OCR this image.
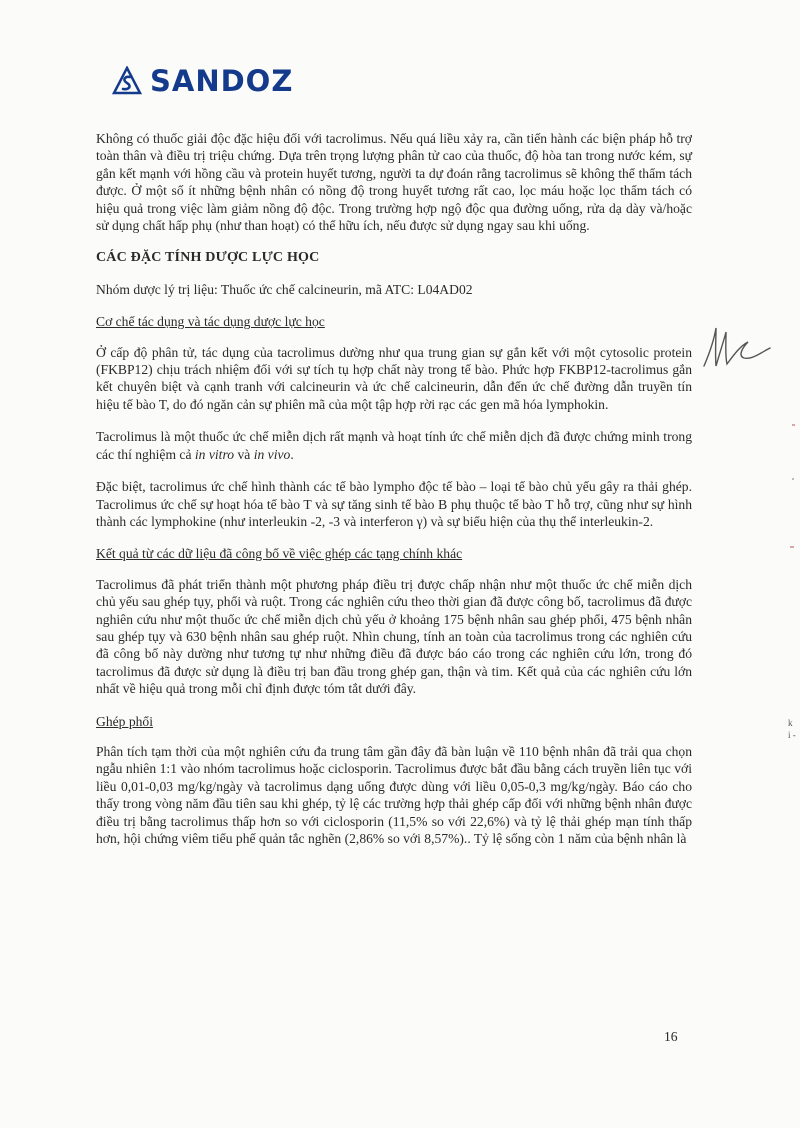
SANDOZ

Không có thuốc giải độc đặc hiệu đối với tacrolimus. Nếu quá liều xảy ra, cần tiến hành các biện pháp hỗ trợ toàn thân và điều trị triệu chứng. Dựa trên trọng lượng phân tử cao của thuốc, độ hòa tan trong nước kém, sự gắn kết mạnh với hồng cầu và protein huyết tương, người ta dự đoán rằng tacrolimus sẽ không thể thẩm tách được. Ở một số ít những bệnh nhân có nồng độ trong huyết tương rất cao, lọc máu hoặc lọc thẩm tách có hiệu quả trong việc làm giảm nồng độ độc. Trong trường hợp ngộ độc qua đường uống, rửa dạ dày và/hoặc sử dụng chất hấp phụ (như than hoạt) có thể hữu ích, nếu được sử dụng ngay sau khi uống.

CÁC ĐẶC TÍNH DƯỢC LỰC HỌC

Nhóm dược lý trị liệu: Thuốc ức chế calcineurin, mã ATC: L04AD02

Cơ chế tác dụng và tác dụng dược lực học

Ở cấp độ phân tử, tác dụng của tacrolimus dường như qua trung gian sự gắn kết với một cytosolic protein (FKBP12) chịu trách nhiệm đối với sự tích tụ hợp chất này trong tế bào. Phức hợp FKBP12-tacrolimus gắn kết chuyên biệt và cạnh tranh với calcineurin và ức chế calcineurin, dẫn đến ức chế đường dẫn truyền tín hiệu tế bào T, do đó ngăn cản sự phiên mã của một tập hợp rời rạc các gen mã hóa lymphokin.

Tacrolimus là một thuốc ức chế miễn dịch rất mạnh và hoạt tính ức chế miễn dịch đã được chứng minh trong các thí nghiệm cả in vitro và in vivo.

Đặc biệt, tacrolimus ức chế hình thành các tế bào lympho độc tế bào – loại tế bào chủ yếu gây ra thải ghép. Tacrolimus ức chế sự hoạt hóa tế bào T và sự tăng sinh tế bào B phụ thuộc tế bào T hỗ trợ, cũng như sự hình thành các lymphokine (như interleukin -2, -3 và interferon γ) và sự biểu hiện của thụ thể interleukin-2.

Kết quả từ các dữ liệu đã công bố về việc ghép các tạng chính khác

Tacrolimus đã phát triển thành một phương pháp điều trị được chấp nhận như một thuốc ức chế miễn dịch chủ yếu sau ghép tụy, phổi và ruột. Trong các nghiên cứu theo thời gian đã được công bố, tacrolimus đã được nghiên cứu như một thuốc ức chế miễn dịch chủ yếu ở khoảng 175 bệnh nhân sau ghép phổi, 475 bệnh nhân sau ghép tụy và 630 bệnh nhân sau ghép ruột. Nhìn chung, tính an toàn của tacrolimus trong các nghiên cứu đã công bố này dường như tương tự như những điều đã được báo cáo trong các nghiên cứu lớn, trong đó tacrolimus đã được sử dụng là điều trị ban đầu trong ghép gan, thận và tim. Kết quả của các nghiên cứu lớn nhất về hiệu quả trong mỗi chỉ định được tóm tắt dưới đây.

Ghép phổi

Phân tích tạm thời của một nghiên cứu đa trung tâm gần đây đã bàn luận về 110 bệnh nhân đã trải qua chọn ngẫu nhiên 1:1 vào nhóm tacrolimus hoặc ciclosporin. Tacrolimus được bắt đầu bằng cách truyền liên tục với liều 0,01-0,03 mg/kg/ngày và tacrolimus dạng uống được dùng với liều 0,05-0,3 mg/kg/ngày. Báo cáo cho thấy trong vòng năm đầu tiên sau khi ghép, tỷ lệ các trường hợp thải ghép cấp đối với những bệnh nhân được điều trị bằng tacrolimus thấp hơn so với ciclosporin (11,5% so với 22,6%) và tỷ lệ thải ghép mạn tính thấp hơn, hội chứng viêm tiểu phế quản tắc nghẽn (2,86% so với 8,57%).. Tỷ lệ sống còn 1 năm của bệnh nhân là

16
k
i -
